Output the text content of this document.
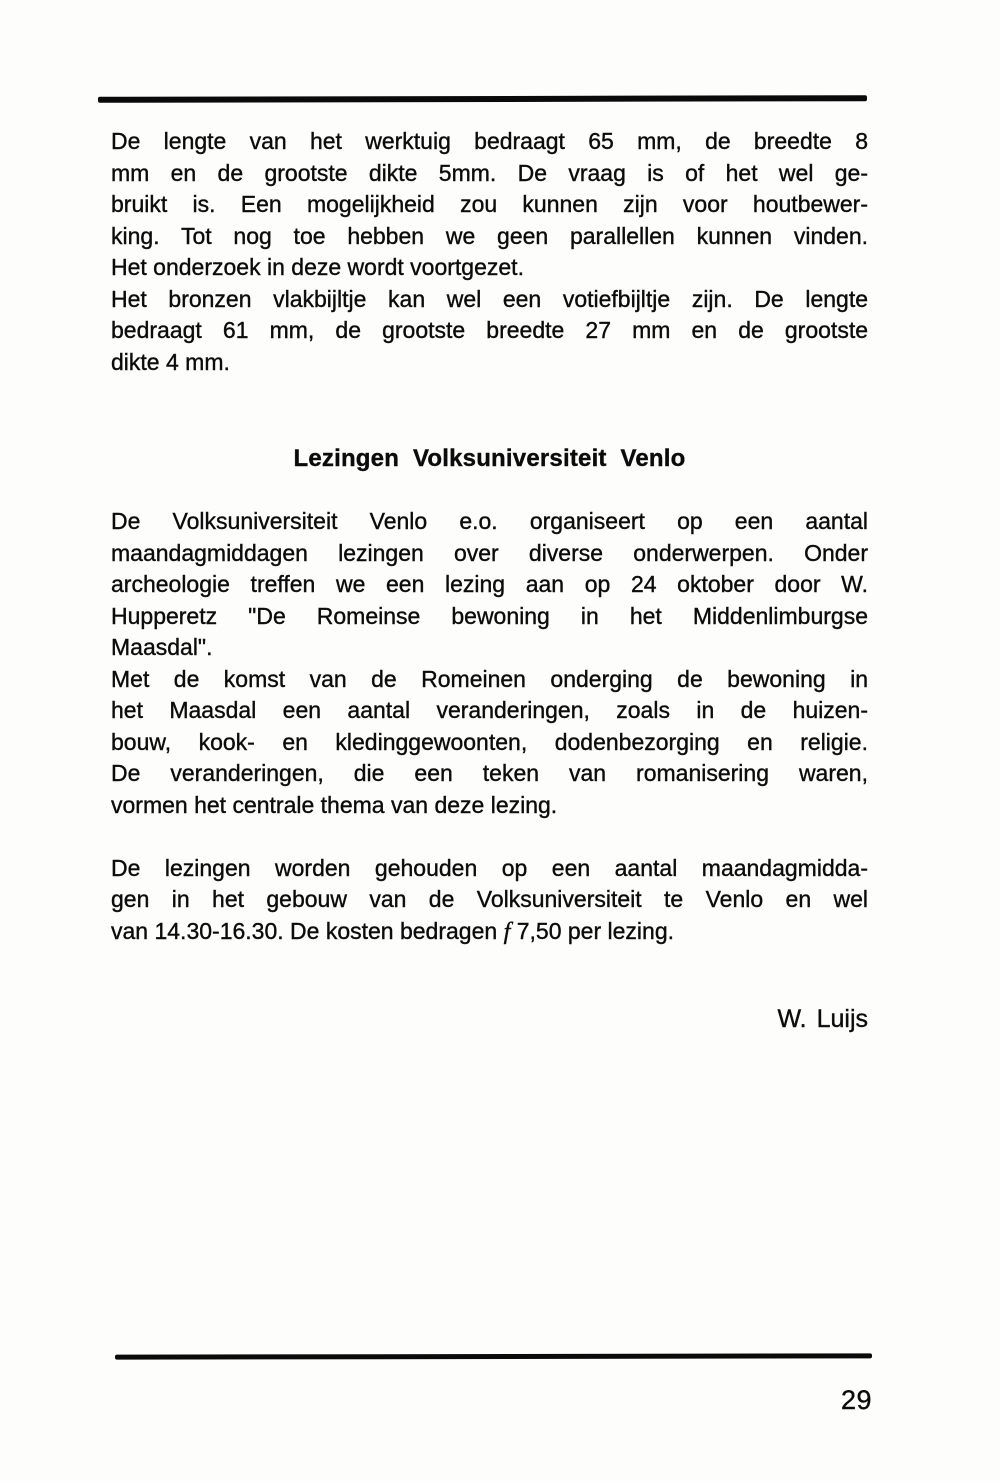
De lengte van het werktuig bedraagt 65 mm, de breedte 8
mm en de grootste dikte 5mm. De vraag is of het wel ge-
bruikt is. Een mogelijkheid zou kunnen zijn voor houtbewer-
king. Tot nog toe hebben we geen parallellen kunnen vinden.
Het onderzoek in deze wordt voortgezet.
Het bronzen vlakbijltje kan wel een votiefbijltje zijn. De lengte
bedraagt 61 mm, de grootste breedte 27 mm en de grootste
dikte 4 mm.
Lezingen Volksuniversiteit Venlo
De Volksuniversiteit Venlo e.o. organiseert op een aantal
maandagmiddagen lezingen over diverse onderwerpen. Onder
archeologie treffen we een lezing aan op 24 oktober door W.
Hupperetz "De Romeinse bewoning in het Middenlimburgse
Maasdal".
Met de komst van de Romeinen onderging de bewoning in
het Maasdal een aantal veranderingen, zoals in de huizen-
bouw, kook- en kledinggewoonten, dodenbezorging en religie.
De veranderingen, die een teken van romanisering waren,
vormen het centrale thema van deze lezing.
De lezingen worden gehouden op een aantal maandagmidda-
gen in het gebouw van de Volksuniversiteit te Venlo en wel
van 14.30-16.30. De kosten bedragen f 7,50 per lezing.
W. Luijs
29
